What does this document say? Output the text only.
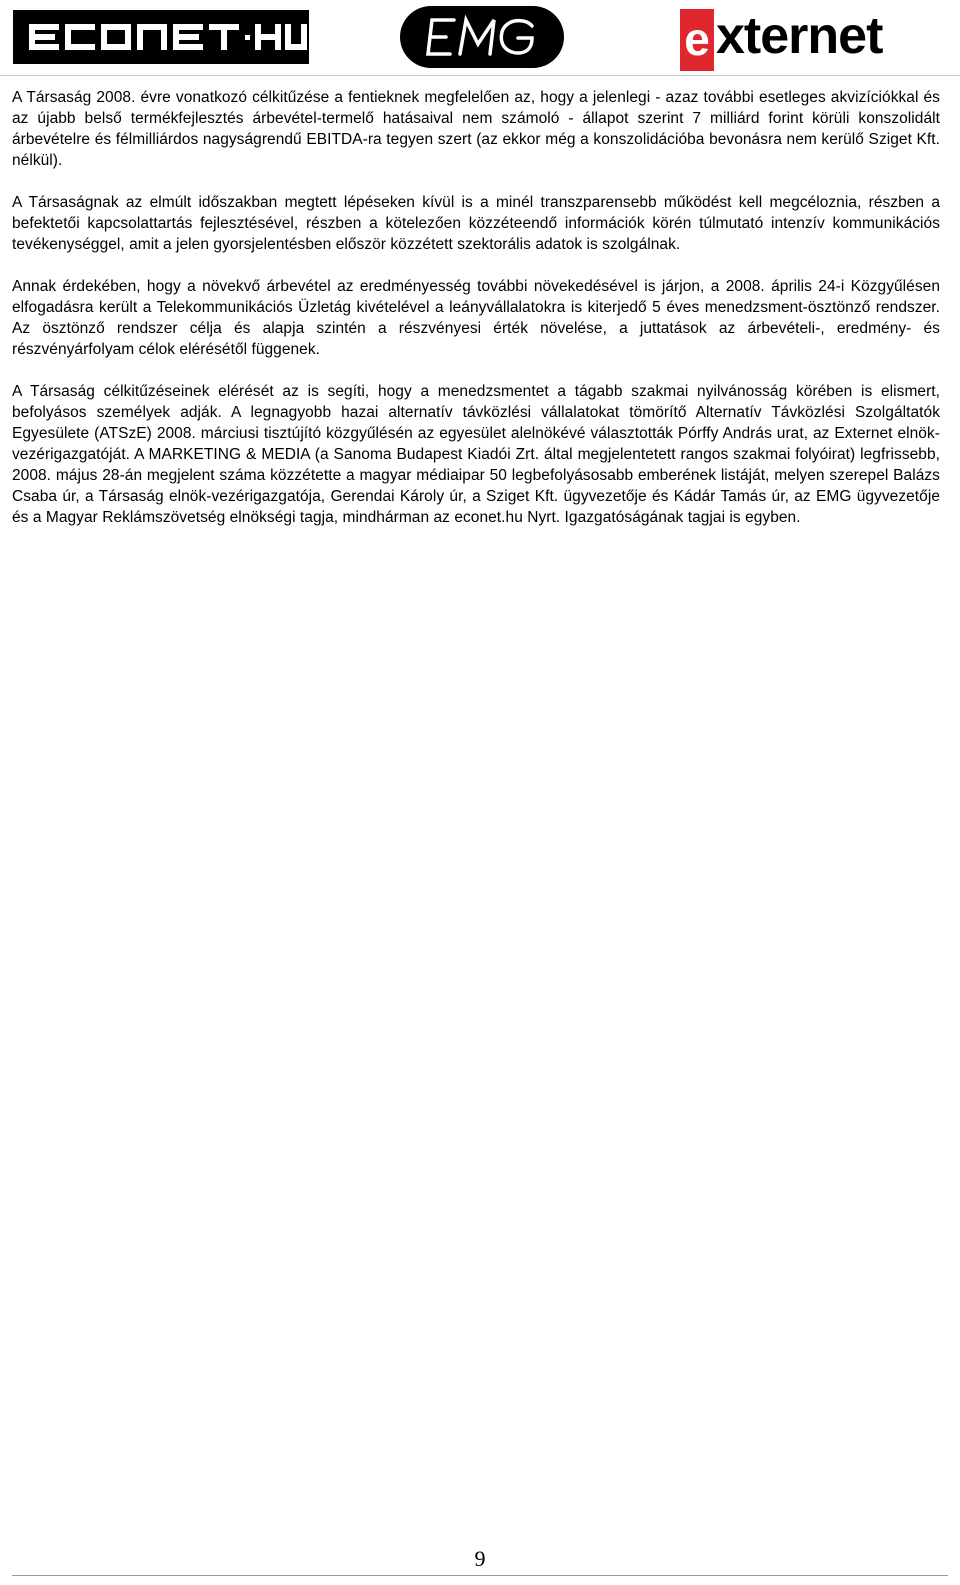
e xternet

A Társaság 2008. évre vonatkozó célkitűzése a fentieknek megfelelően az, hogy a jelenlegi - azaz további esetleges akvizíciókkal és az újabb belső termékfejlesztés árbevétel-termelő hatásaival nem számoló - állapot szerint 7 milliárd forint körüli konszolidált árbevételre és félmilliárdos nagyságrendű EBITDA-ra tegyen szert (az ekkor még a konszolidációba bevonásra nem kerülő Sziget Kft. nélkül).

A Társaságnak az elmúlt időszakban megtett lépéseken kívül is a minél transzparensebb működést kell megcéloznia, részben a befektetői kapcsolattartás fejlesztésével, részben a kötelezően közzéteendő információk körén túlmutató intenzív kommunikációs tevékenységgel, amit a jelen gyorsjelentésben először közzétett szektorális adatok is szolgálnak.

Annak érdekében, hogy a növekvő árbevétel az eredményesség további növekedésével is járjon, a 2008. április 24-i Közgyűlésen elfogadásra került a Telekommunikációs Üzletág kivételével a leányvállalatokra is kiterjedő 5 éves menedzsment-ösztönző rendszer. Az ösztönző rendszer célja és alapja szintén a részvényesi érték növelése, a juttatások az árbevételi-, eredmény- és részvényárfolyam célok elérésétől függenek.

A Társaság célkitűzéseinek elérését az is segíti, hogy a menedzsmentet a tágabb szakmai nyilvánosság körében is elismert, befolyásos személyek adják. A legnagyobb hazai alternatív távközlési vállalatokat tömörítő Alternatív Távközlési Szolgáltatók Egyesülete (ATSzE) 2008. márciusi tisztújító közgyűlésén az egyesület alelnökévé választották Pórffy András urat, az Externet elnök-vezérigazgatóját. A MARKETING & MEDIA (a Sanoma Budapest Kiadói Zrt. által megjelentetett rangos szakmai folyóirat) legfrissebb, 2008. május 28-án megjelent száma közzétette a magyar médiaipar 50 legbefolyásosabb emberének listáját, melyen szerepel Balázs Csaba úr, a Társaság elnök-vezérigazgatója, Gerendai Károly úr, a Sziget Kft. ügyvezetője és Kádár Tamás úr, az EMG ügyvezetője és a Magyar Reklámszövetség elnökségi tagja, mindhárman az econet.hu Nyrt. Igazgatóságának tagjai is egyben.

9
